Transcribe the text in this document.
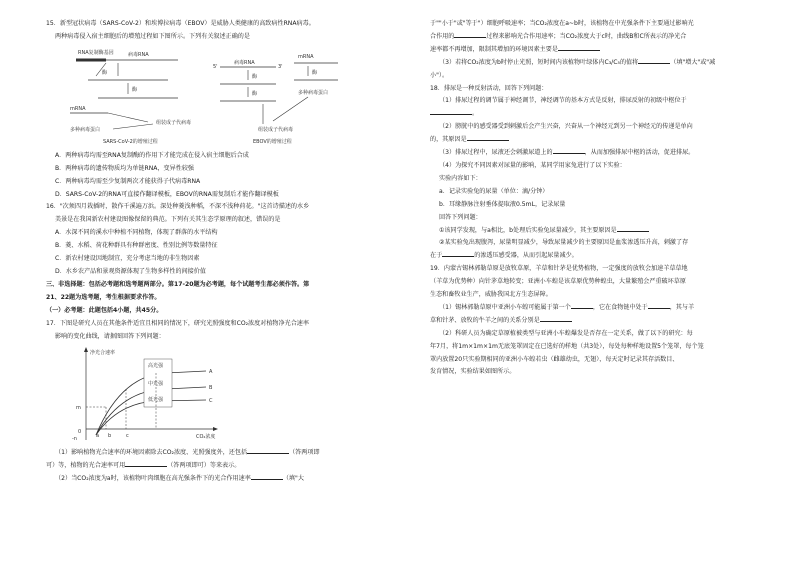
15．新型冠状病毒（SARS-CoV-2）和埃博拉病毒（EBOV）是威胁人类健康的高致病性RNA病毒。

两种病毒侵入宿主细胞后的增殖过程如下图所示。下列有关叙述正确的是

RNA复制酶基因	病毒RNA
酶
酶
mRNA
组装成子代病毒
多种病毒蛋白
SARS-CoV-2的增殖过程
病毒RNA
5'	3'
酶
酶
mRNA
酶
多种病毒蛋白
组装成子代病毒
EBOV的增殖过程

A．两种病毒均需至RNA复制酶的作用下才能完成在侵入宿主细胞后合成

B．两种病毒的遗传物质均为单链RNA，变异性较强

C．两种病毒均需至少复制两次才能获得子代病毒RNA

D．SARS-CoV-2的RNA可直接作翻译模板，EBOV的RNA需复制后才能作翻译模板

16．"次须四月栽插时，散作千溪遍万浜。深处种菱浅种稻，不深不浅种荷花。"这首诗描述的水乡

美景是在我国新农村建设图像保留的典范。下列有关其生态学原理的叙述，错误的是

A．水深不同的溪水中种植不同植物，体现了群落的水平结构

B．菱、水稻、荷花种群具有种群密度、性别比例等数量特征

C．新农村建设因地制宜，充分考虑当地的非生物因素

D．水乡农产品和景观资源体现了生物多样性的间接价值

三、非选择题：包括必考题和选考题两部分。第17-20题为必考题，每个试题考生都必须作答。第

21、22题为选考题，考生根据要求作答。

（一）必考题：此题包括4小题，共45分。

17．下图是研究人员在其他条件适宜且相同的情况下，研究光照强度和CO₂浓度对植物净光合速率

影响的变化曲线，请据图回答下列问题：

净光合速率
CO₂浓度
0
m
-n
高光强
中光强
低光强
A
B
C
a b	c

（1）影响植物光合速率的环境因素除去CO₂浓度、光照强度外，还包括	（答两项即

可）等，植物的光合速率可用	（答两项即可）等来表示。

（2）当CO₂浓度为a时，该植物叶肉细胞在高光强条件下的光合作用速率	（填"大

于""小于"或"等于"）细胞呼吸速率；当CO₂浓度在a~b时，该植物在中光强条件下主要通过影响光

合作用的	过程来影响光合作用速率；当CO₂浓度大于c时，曲线B和C所表示的净光合

速率都不再增加，限制其增加的环境因素主要是

（3）若将CO₂浓度为b时停止光照，短时间内该植物叶绿体内C₃/C₅的值将	（填"增大"或"减

小"）。

18．排尿是一种反射活动，回答下列问题：

（1）排尿过程的调节属于神经调节，神经调节的基本方式是反射，排尿反射的初级中枢位于

。

（2）膀胱中的感受器受到刺激后会产生兴奋，兴奋从一个神经元到另一个神经元的传递是单向

的，其原因是

（3）排尿过程中，尿液还会刺激尿道上的	，从而加强排尿中枢的活动，促进排尿。

（4）为探究不同因素对尿量的影响，某同学用家兔进行了以下实验：

实验内容如下：

a．记录实验兔的尿量（单位：滴/分钟）

b．耳缘静脉注射垂体提取液0.5mL，记录尿量

回答下列问题：

①该同学发现，与a相比，b处理后实验兔尿量减少，其主要原因是

②某实验兔出现腹泻，尿量明显减少，导致尿量减少的主要原因是血浆渗透压升高，刺激了存

在于	的渗透压感受器，从而引起尿量减少。

19．内蒙古锡林郭勒草原是放牧草原，羊草和针茅是优势植物，一定强度的放牧会加速羊草草地

（羊草为优势种）向针茅草地转变；亚洲小车蝗是该草原优势种蝗虫，大量繁殖会严重破坏草原

生态和畜牧业生产，威胁我国北方生态屏障。

（1）锡林郭勒草原中亚洲小车蝗可能属于第一个	，它在食物链中处于	，其与羊

草和针茅、放牧的牛羊之间的关系分别是

（2）科研人员为确定草原植被类型与亚洲小车蝗爆发是否存在一定关系，做了以下的研究：每

年7月，将1m×1m×1m无底笼罩固定在已选好的样地（共3处），每处每种样地设置5个笼罩，每个笼

罩内放置20只实验期相同的亚洲小车蝗若虫（雌雄幼虫，无翅），每天定时记录其存活数目、

发育情况，实验结果如图所示。
